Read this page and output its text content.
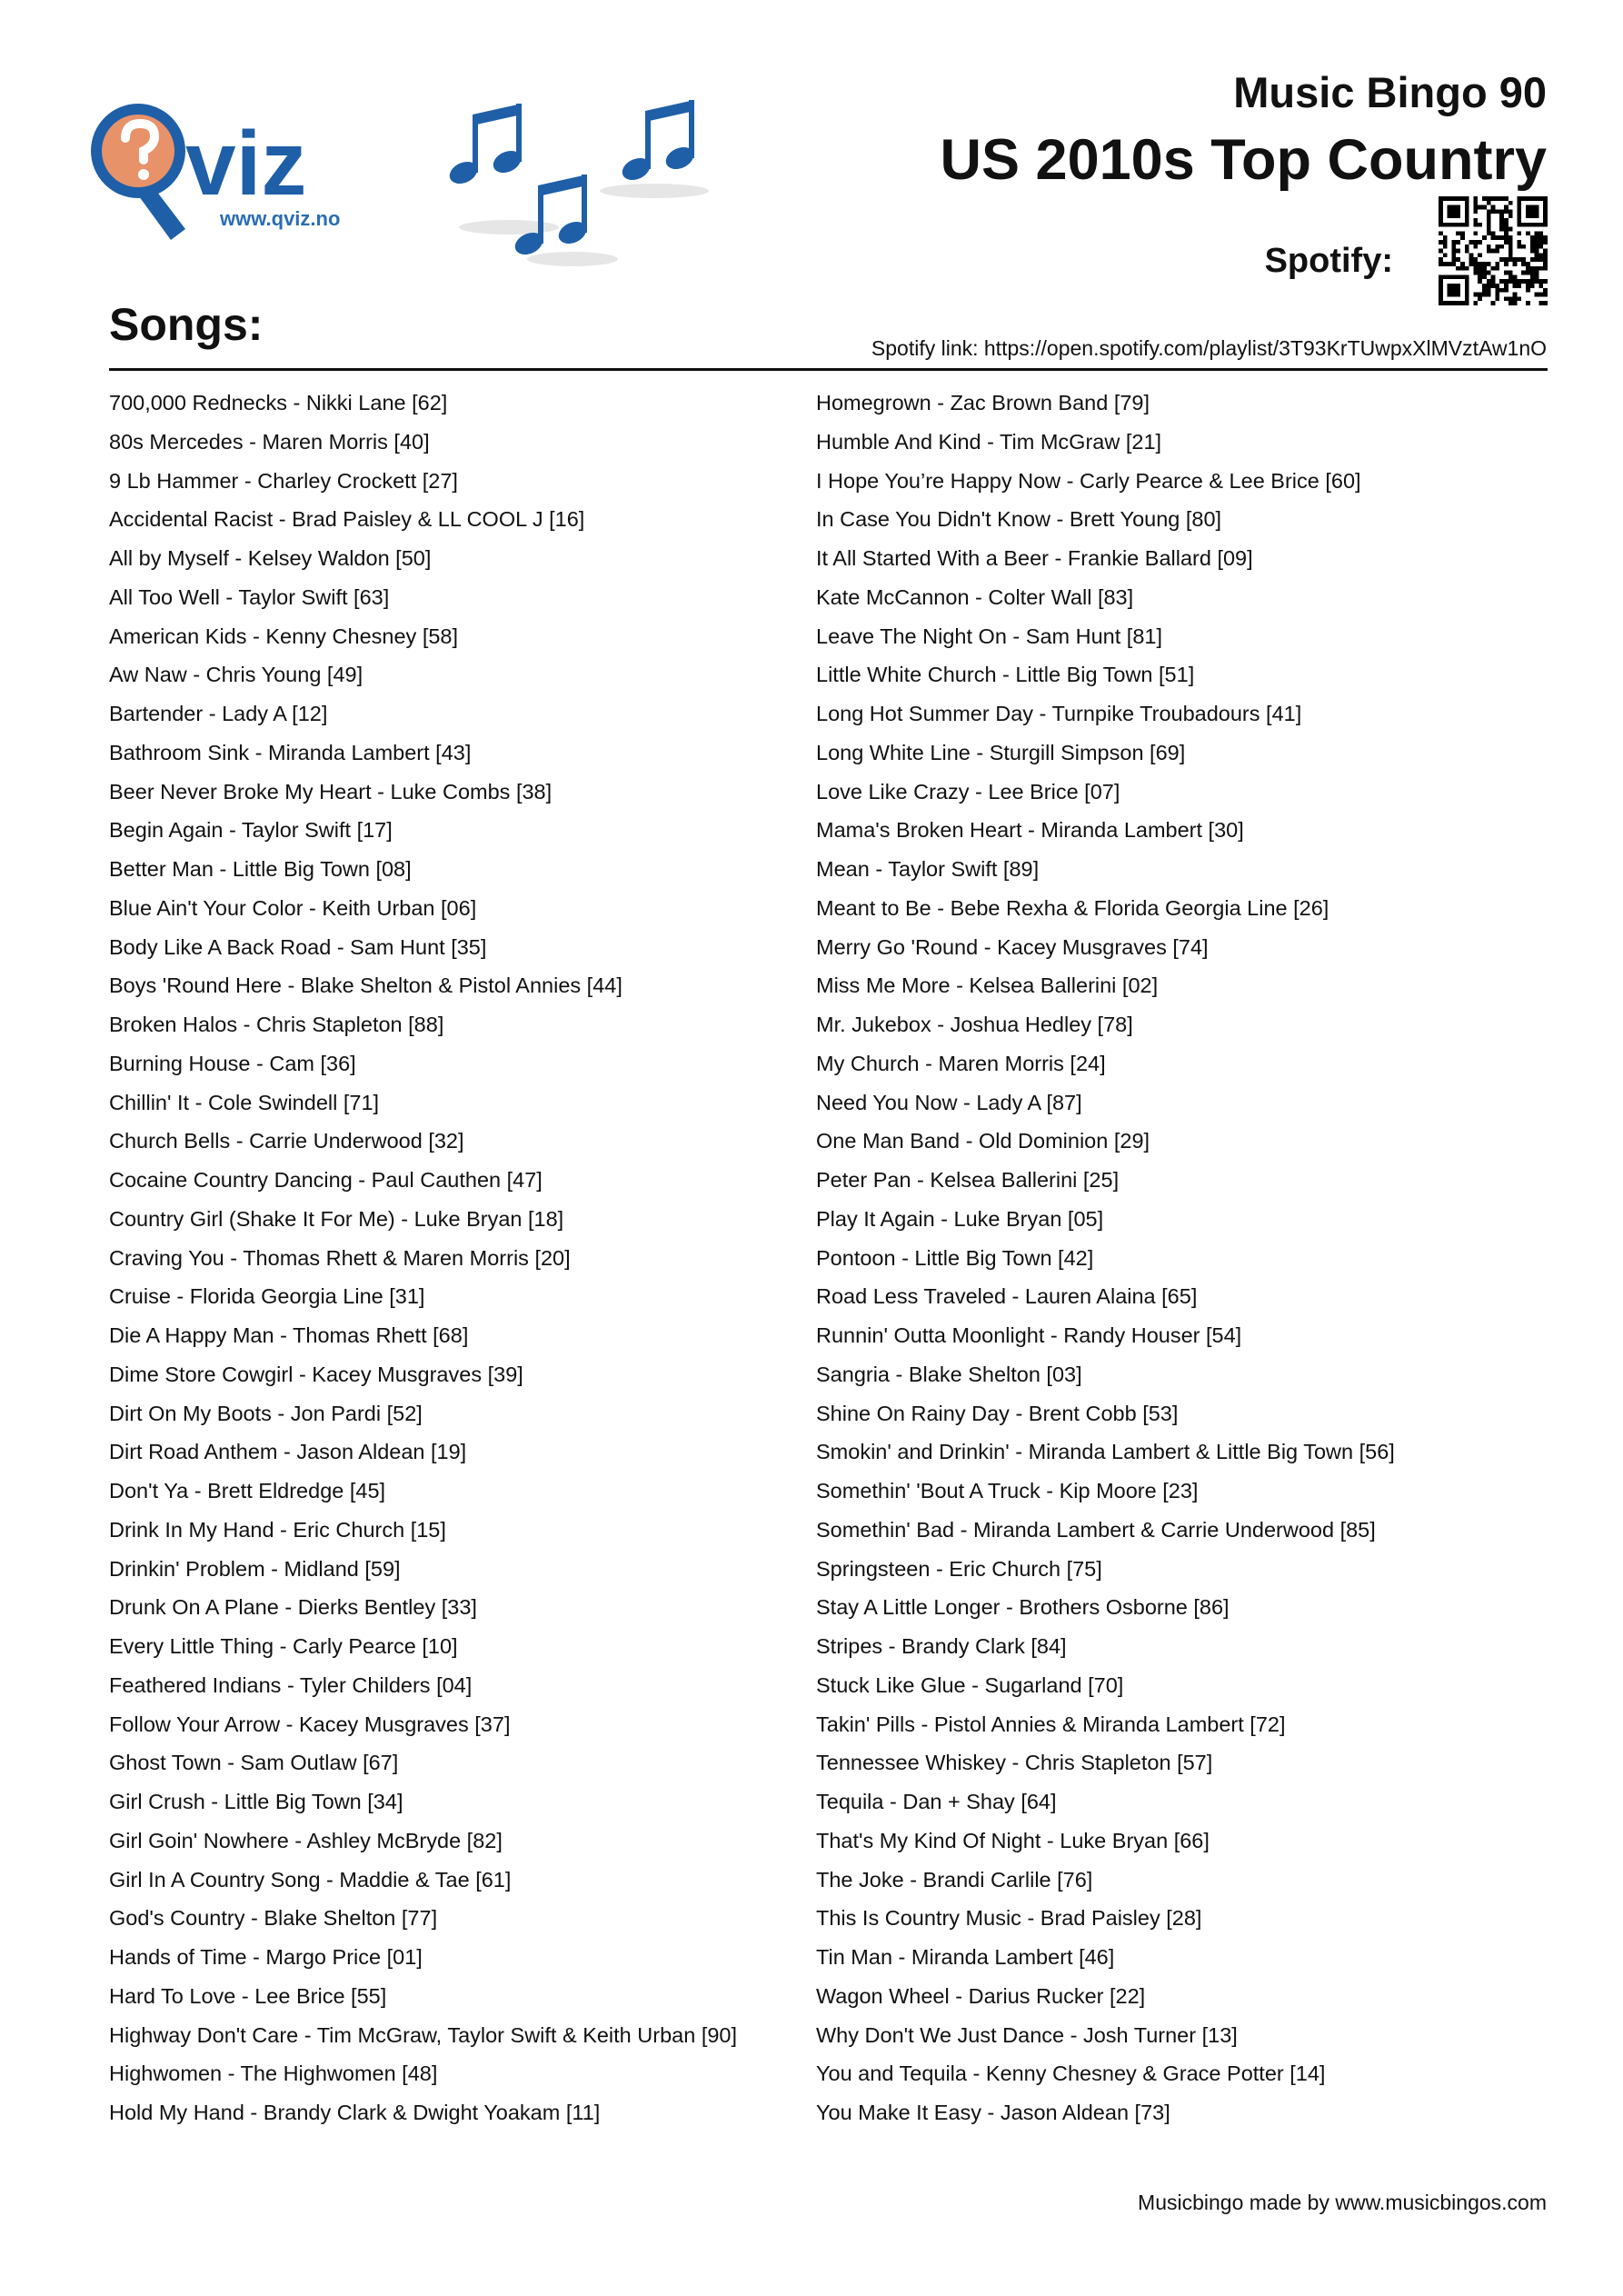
viz
www.qviz.no
Music Bingo 90
US 2010s Top Country
Spotify:
Songs:	Spotify link: https://open.spotify.com/playlist/3T93KrTUwpxXlMVztAw1nO
700,000 Rednecks - Nikki Lane [62]
80s Mercedes - Maren Morris [40]
9 Lb Hammer - Charley Crockett [27]
Accidental Racist - Brad Paisley & LL COOL J [16]
All by Myself - Kelsey Waldon [50]
All Too Well - Taylor Swift [63]
American Kids - Kenny Chesney [58]
Aw Naw - Chris Young [49]
Bartender - Lady A [12]
Bathroom Sink - Miranda Lambert [43]
Beer Never Broke My Heart - Luke Combs [38]
Begin Again - Taylor Swift [17]
Better Man - Little Big Town [08]
Blue Ain't Your Color - Keith Urban [06]
Body Like A Back Road - Sam Hunt [35]
Boys 'Round Here - Blake Shelton & Pistol Annies [44]
Broken Halos - Chris Stapleton [88]
Burning House - Cam [36]
Chillin' It - Cole Swindell [71]
Church Bells - Carrie Underwood [32]
Cocaine Country Dancing - Paul Cauthen [47]
Country Girl (Shake It For Me) - Luke Bryan [18]
Craving You - Thomas Rhett & Maren Morris [20]
Cruise - Florida Georgia Line [31]
Die A Happy Man - Thomas Rhett [68]
Dime Store Cowgirl - Kacey Musgraves [39]
Dirt On My Boots - Jon Pardi [52]
Dirt Road Anthem - Jason Aldean [19]
Don't Ya - Brett Eldredge [45]
Drink In My Hand - Eric Church [15]
Drinkin' Problem - Midland [59]
Drunk On A Plane - Dierks Bentley [33]
Every Little Thing - Carly Pearce [10]
Feathered Indians - Tyler Childers [04]
Follow Your Arrow - Kacey Musgraves [37]
Ghost Town - Sam Outlaw [67]
Girl Crush - Little Big Town [34]
Girl Goin' Nowhere - Ashley McBryde [82]
Girl In A Country Song - Maddie & Tae [61]
God's Country - Blake Shelton [77]
Hands of Time - Margo Price [01]
Hard To Love - Lee Brice [55]
Highway Don't Care - Tim McGraw, Taylor Swift & Keith Urban [90]
Highwomen - The Highwomen [48]
Hold My Hand - Brandy Clark & Dwight Yoakam [11]
Homegrown - Zac Brown Band [79]
Humble And Kind - Tim McGraw [21]
I Hope You’re Happy Now - Carly Pearce & Lee Brice [60]
In Case You Didn't Know - Brett Young [80]
It All Started With a Beer - Frankie Ballard [09]
Kate McCannon - Colter Wall [83]
Leave The Night On - Sam Hunt [81]
Little White Church - Little Big Town [51]
Long Hot Summer Day - Turnpike Troubadours [41]
Long White Line - Sturgill Simpson [69]
Love Like Crazy - Lee Brice [07]
Mama's Broken Heart - Miranda Lambert [30]
Mean - Taylor Swift [89]
Meant to Be - Bebe Rexha & Florida Georgia Line [26]
Merry Go 'Round - Kacey Musgraves [74]
Miss Me More - Kelsea Ballerini [02]
Mr. Jukebox - Joshua Hedley [78]
My Church - Maren Morris [24]
Need You Now - Lady A [87]
One Man Band - Old Dominion [29]
Peter Pan - Kelsea Ballerini [25]
Play It Again - Luke Bryan [05]
Pontoon - Little Big Town [42]
Road Less Traveled - Lauren Alaina [65]
Runnin' Outta Moonlight - Randy Houser [54]
Sangria - Blake Shelton [03]
Shine On Rainy Day - Brent Cobb [53]
Smokin' and Drinkin' - Miranda Lambert & Little Big Town [56]
Somethin' 'Bout A Truck - Kip Moore [23]
Somethin' Bad - Miranda Lambert & Carrie Underwood [85]
Springsteen - Eric Church [75]
Stay A Little Longer - Brothers Osborne [86]
Stripes - Brandy Clark [84]
Stuck Like Glue - Sugarland [70]
Takin' Pills - Pistol Annies & Miranda Lambert [72]
Tennessee Whiskey - Chris Stapleton [57]
Tequila - Dan + Shay [64]
That's My Kind Of Night - Luke Bryan [66]
The Joke - Brandi Carlile [76]
This Is Country Music - Brad Paisley [28]
Tin Man - Miranda Lambert [46]
Wagon Wheel - Darius Rucker [22]
Why Don't We Just Dance - Josh Turner [13]
You and Tequila - Kenny Chesney & Grace Potter [14]
You Make It Easy - Jason Aldean [73]
Musicbingo made by www.musicbingos.com
